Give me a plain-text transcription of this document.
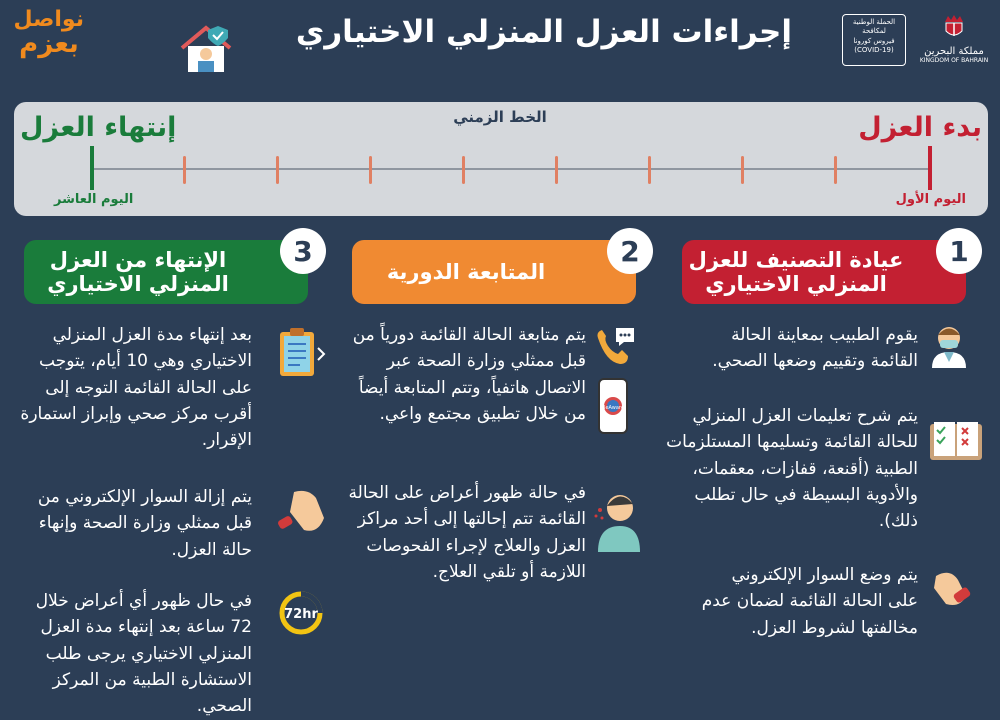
نواصل
بعزم	إجراءات العزل المنزلي الاختياري	الحملة الوطنية
لمكافحة
فيروس كورونا
(COVID-19)	مملكة البحرين
KINGDOM OF BAHRAIN
الخط الزمني	بدء العزل
إنتهاء العزل
اليوم الأول
اليوم العاشر
عيادة التصنيف للعزل
المنزلي الاختياري
1
يقوم الطبيب بمعاينة الحالة القائمة وتقييم وضعها الصحي.
يتم شرح تعليمات العزل المنزلي للحالة القائمة وتسليمها المستلزمات الطبية (أقنعة، قفازات، معقمات، والأدوية البسيطة في حال تطلب ذلك).
يتم وضع السوار الإلكتروني على الحالة القائمة لضمان عدم مخالفتها لشروط العزل.
المتابعة الدورية
2
BeAware
يتم متابعة الحالة القائمة دورياً من قبل ممثلي وزارة الصحة عبر الاتصال هاتفياً، وتتم المتابعة أيضاً من خلال تطبيق مجتمع واعي.
في حالة ظهور أعراض على الحالة القائمة تتم إحالتها إلى أحد مراكز العزل والعلاج لإجراء الفحوصات اللازمة أو تلقي العلاج.
الإنتهاء من العزل
المنزلي الاختياري
3
بعد إنتهاء مدة العزل المنزلي الاختياري وهي 10 أيام، يتوجب على الحالة القائمة التوجه إلى أقرب مركز صحي وإبراز استمارة الإقرار.
يتم إزالة السوار الإلكتروني من قبل ممثلي وزارة الصحة وإنهاء حالة العزل.
72hr
في حال ظهور أي أعراض خلال 72 ساعة بعد إنتهاء مدة العزل المنزلي الاختياري يرجى طلب الاستشارة الطبية من المركز الصحي.
